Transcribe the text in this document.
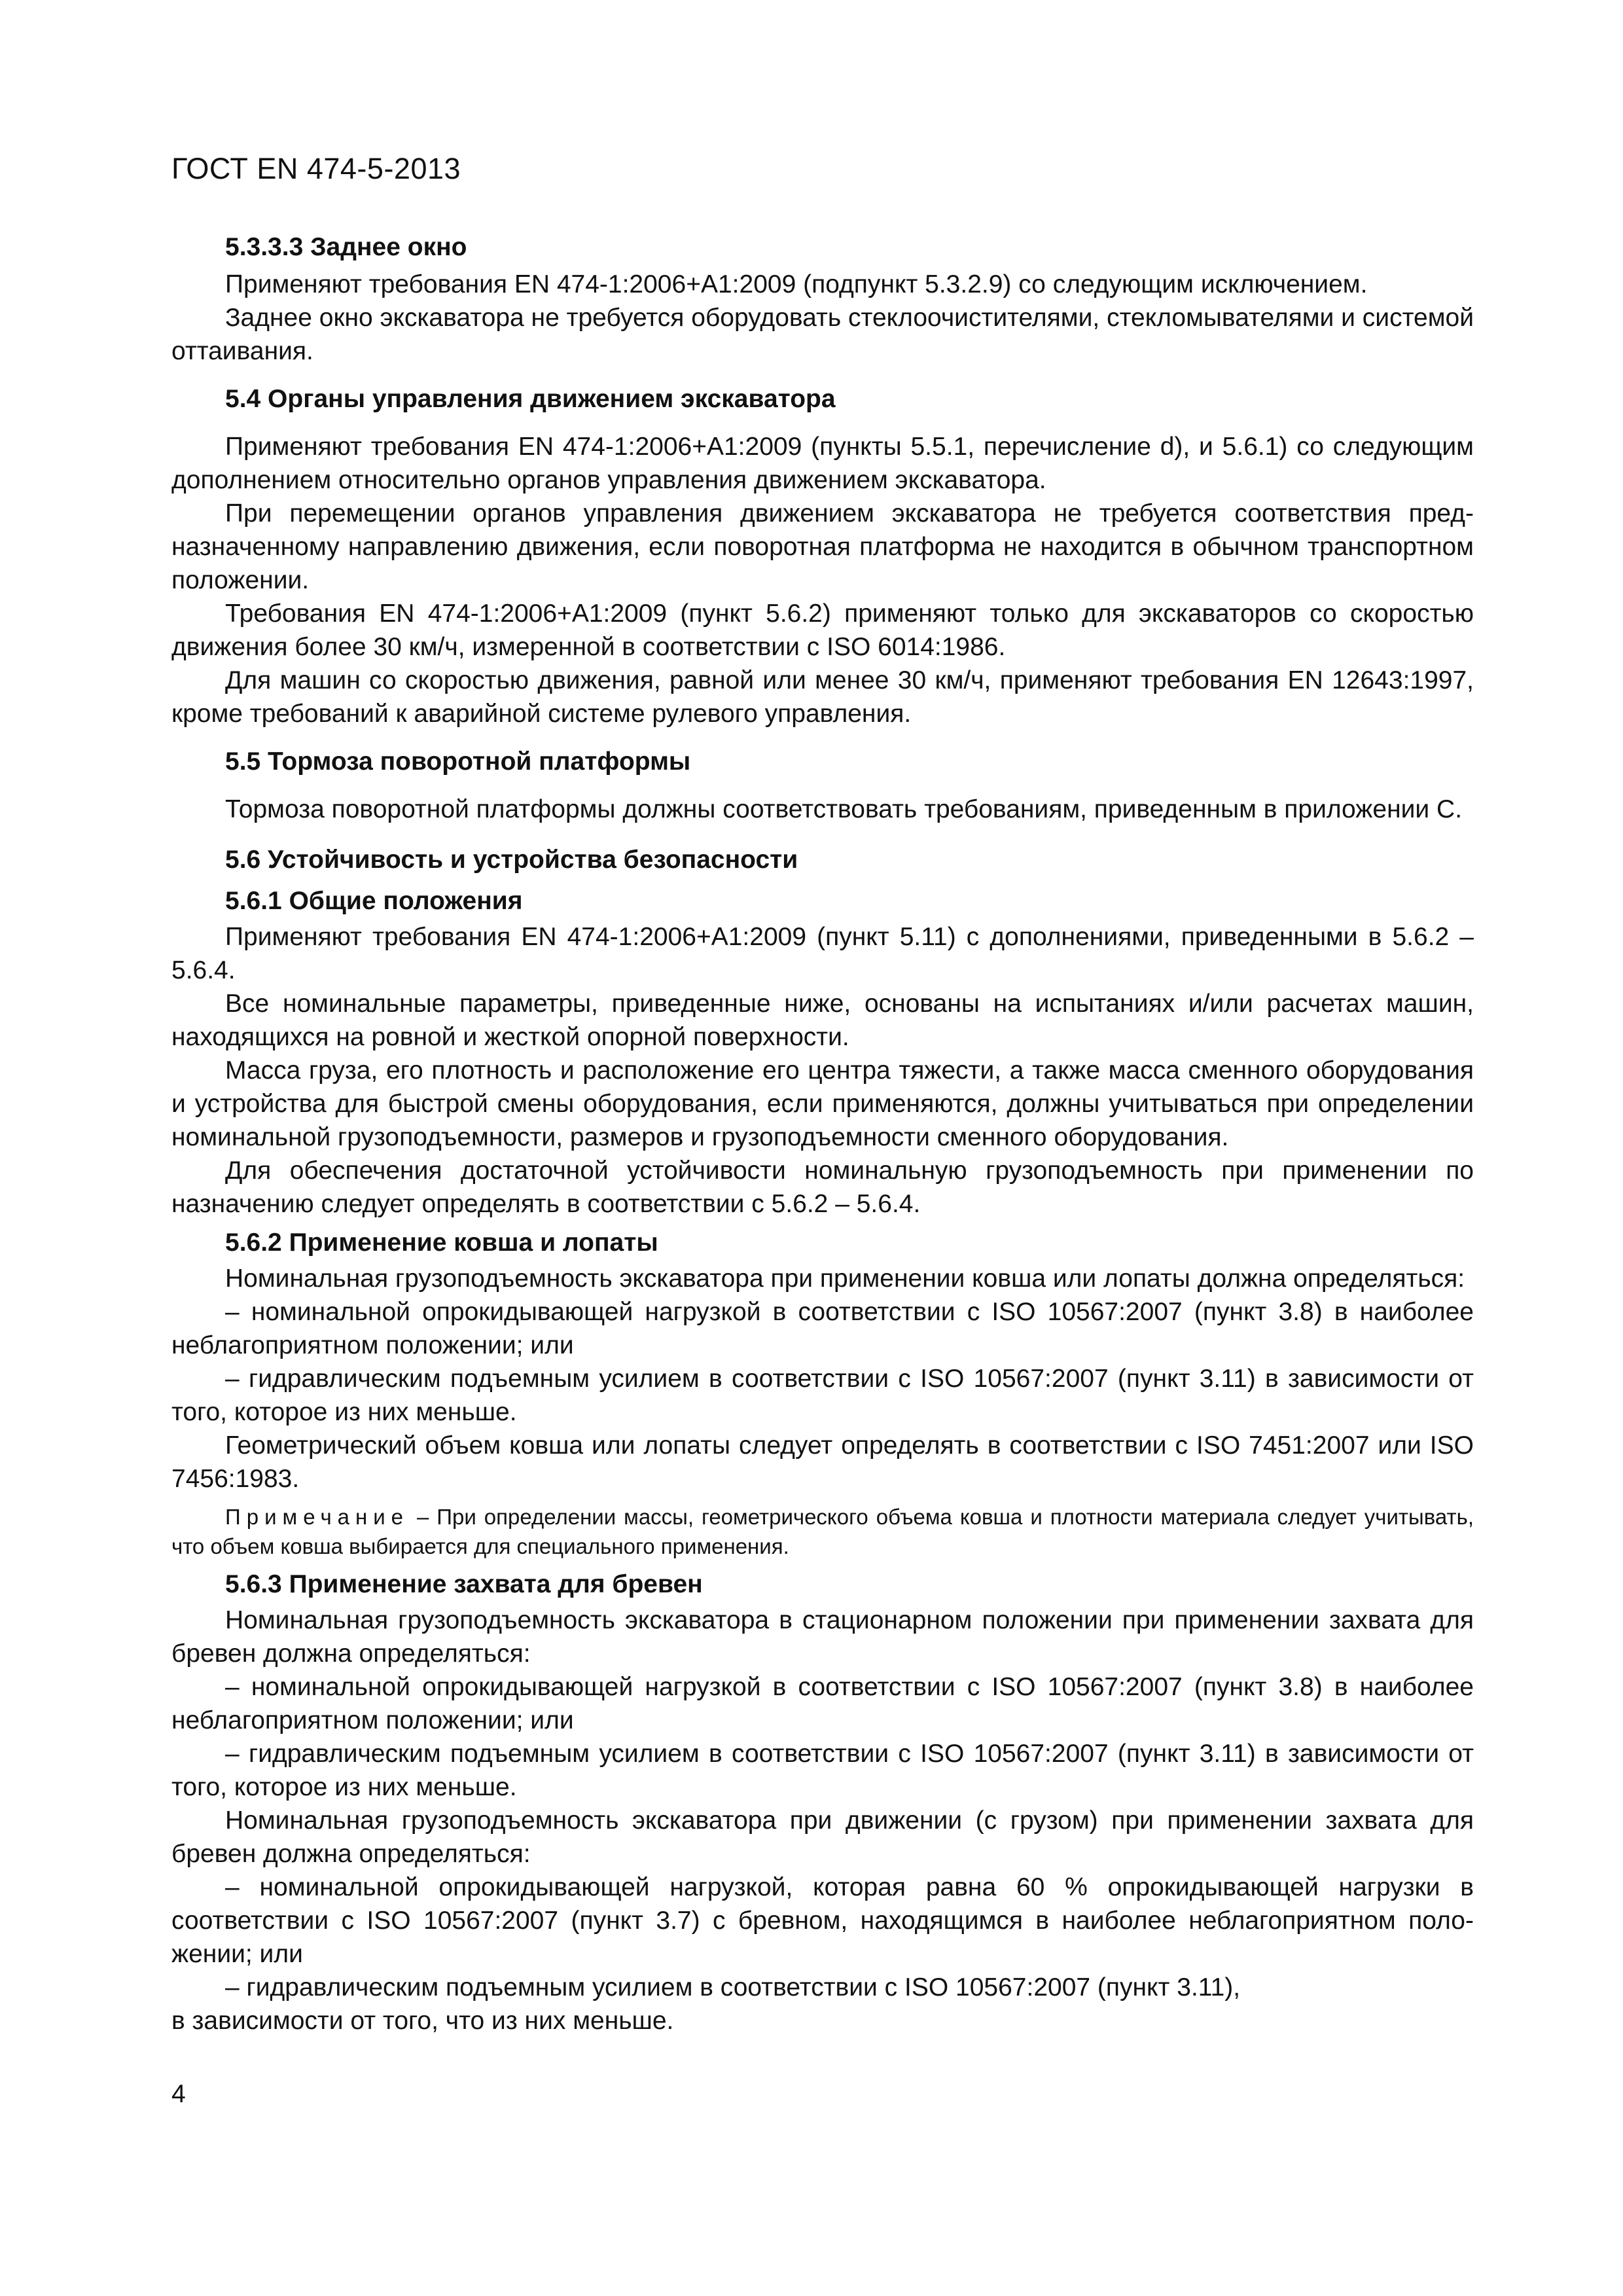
ГОСТ EN 474-5-2013

5.3.3.3 Заднее окно

Применяют требования EN 474-1:2006+A1:2009 (подпункт 5.3.2.9) со следующим исключением.

Заднее окно экскаватора не требуется оборудовать стеклоочистителями, стекломывателями и системой оттаивания.

5.4 Органы управления движением экскаватора

Применяют требования EN 474-1:2006+A1:2009 (пункты 5.5.1, перечисление d), и 5.6.1) со следующим дополнением относительно органов управления движением экскаватора.

При перемещении органов управления движением экскаватора не требуется соответствия предназначенному направлению движения, если поворотная платформа не находится в обычном транспортном положении.

Требования EN 474-1:2006+A1:2009 (пункт 5.6.2) применяют только для экскаваторов со скоростью движения более 30 км/ч, измеренной в соответствии с ISO 6014:1986.

Для машин со скоростью движения, равной или менее 30 км/ч, применяют требования EN 12643:1997, кроме требований к аварийной системе рулевого управления.

5.5 Тормоза поворотной платформы

Тормоза поворотной платформы должны соответствовать требованиям, приведенным в приложении С.

5.6 Устойчивость и устройства безопасности

5.6.1 Общие положения

Применяют требования EN 474-1:2006+A1:2009 (пункт 5.11) с дополнениями, приведенными в 5.6.2 – 5.6.4.

Все номинальные параметры, приведенные ниже, основаны на испытаниях и/или расчетах машин, находящихся на ровной и жесткой опорной поверхности.

Масса груза, его плотность и расположение его центра тяжести, а также масса сменного оборудования и устройства для быстрой смены оборудования, если применяются, должны учитываться при определении номинальной грузоподъемности, размеров и грузоподъемности сменного оборудования.

Для обеспечения достаточной устойчивости номинальную грузоподъемность при применении по назначению следует определять в соответствии с 5.6.2 – 5.6.4.

5.6.2 Применение ковша и лопаты

Номинальная грузоподъемность экскаватора при применении ковша или лопаты должна определяться:

– номинальной опрокидывающей нагрузкой в соответствии с ISO 10567:2007 (пункт 3.8) в наиболее неблагоприятном положении; или

– гидравлическим подъемным усилием в соответствии с ISO 10567:2007 (пункт 3.11) в зависимости от того, которое из них меньше.

Геометрический объем ковша или лопаты следует определять в соответствии с ISO 7451:2007 или ISO 7456:1983.

Примечание – При определении массы, геометрического объема ковша и плотности материала следует учитывать, что объем ковша выбирается для специального применения.

5.6.3 Применение захвата для бревен

Номинальная грузоподъемность экскаватора в стационарном положении при применении захвата для бревен должна определяться:

– номинальной опрокидывающей нагрузкой в соответствии с ISO 10567:2007 (пункт 3.8) в наиболее неблагоприятном положении; или

– гидравлическим подъемным усилием в соответствии с ISO 10567:2007 (пункт 3.11) в зависимости от того, которое из них меньше.

Номинальная грузоподъемность экскаватора при движении (с грузом) при применении захвата для бревен должна определяться:

– номинальной опрокидывающей нагрузкой, которая равна 60 % опрокидывающей нагрузки в соответствии с ISO 10567:2007 (пункт 3.7) с бревном, находящимся в наиболее неблагоприятном положении; или

– гидравлическим подъемным усилием в соответствии с ISO 10567:2007 (пункт 3.11),

в зависимости от того, что из них меньше.

4
